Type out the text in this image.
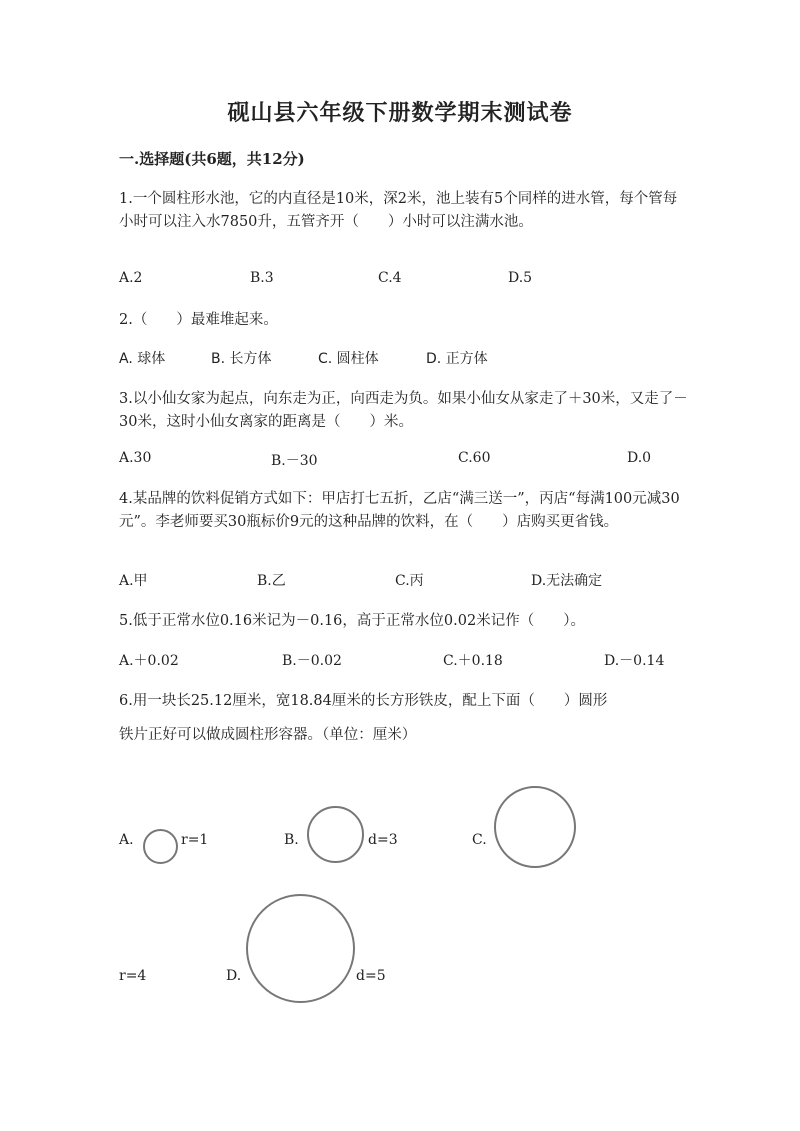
砚山县六年级下册数学期末测试卷
一.选择题(共6题，共12分)
1.一个圆柱形水池，它的内直径是10米，深2米，池上装有5个同样的进水管，每个管每小时可以注入水7850升，五管齐开（　　）小时可以注满水池。
A.2	B.3	C.4	D.5
2.（　　）最难堆起来。
A. 球体	B. 长方体	C. 圆柱体	D. 正方体
3.以小仙女家为起点，向东走为正，向西走为负。如果小仙女从家走了＋30米，又走了－30米，这时小仙女离家的距离是（　　）米。
A.30	B.－30	C.60	D.0
4.某品牌的饮料促销方式如下：甲店打七五折，乙店“满三送一”，丙店“每满100元减30元”。李老师要买30瓶标价9元的这种品牌的饮料，在（　　）店购买更省钱。
A.甲	B.乙	C.丙	D.无法确定
5.低于正常水位0.16米记为－0.16，高于正常水位0.02米记作（　　）。
A.＋0.02	B.－0.02	C.＋0.18	D.－0.14
6.用一块长25.12厘米，宽18.84厘米的长方形铁皮，配上下面（　　）圆形
铁片正好可以做成圆柱形容器。（单位：厘米）
A.	r=1	B.	d=3	C.
r=4	D.	d=5
